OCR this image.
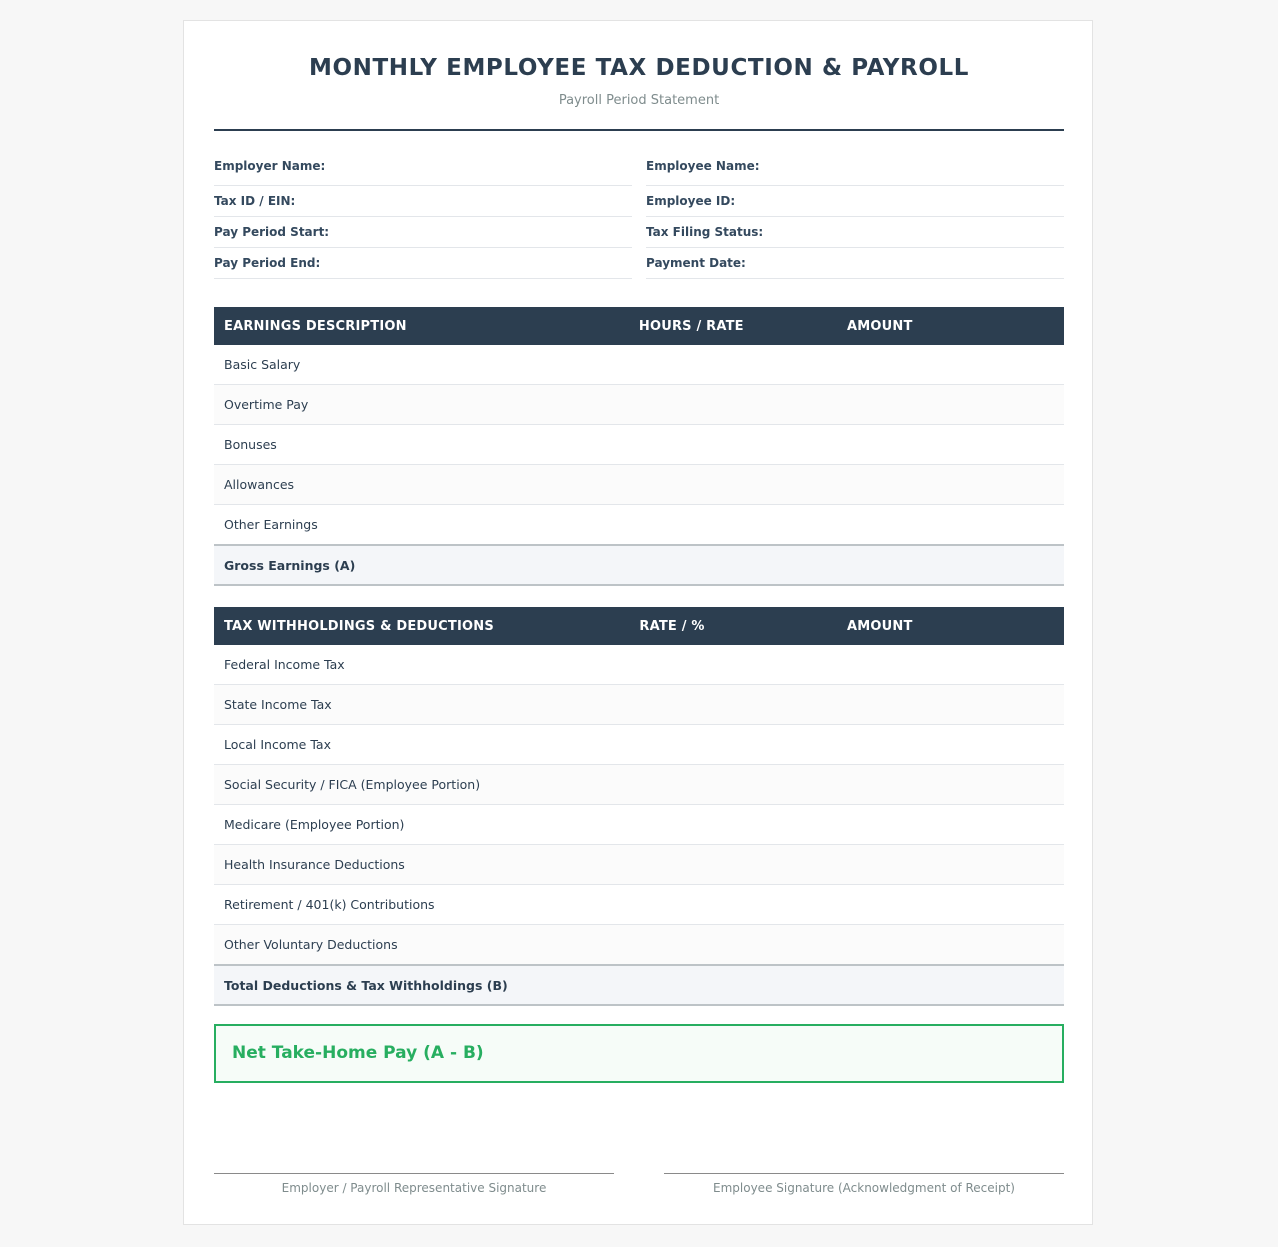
MONTHLY EMPLOYEE TAX DEDUCTION & PAYROLL
Payroll Period Statement
Employer Name:
Tax ID / EIN:
Pay Period Start:
Pay Period End:
Employee Name:
Employee ID:
Tax Filing Status:
Payment Date:
EARNINGS DESCRIPTION	HOURS / RATE	AMOUNT
Basic Salary		
Overtime Pay		
Bonuses		
Allowances		
Other Earnings		
Gross Earnings (A)		
TAX WITHHOLDINGS & DEDUCTIONS	RATE / %	AMOUNT
Federal Income Tax		
State Income Tax		
Local Income Tax		
Social Security / FICA (Employee Portion)		
Medicare (Employee Portion)		
Health Insurance Deductions		
Retirement / 401(k) Contributions		
Other Voluntary Deductions		
Total Deductions & Tax Withholdings (B)		
Net Take-Home Pay (A - B)
Employer / Payroll Representative Signature	Employee Signature (Acknowledgment of Receipt)
